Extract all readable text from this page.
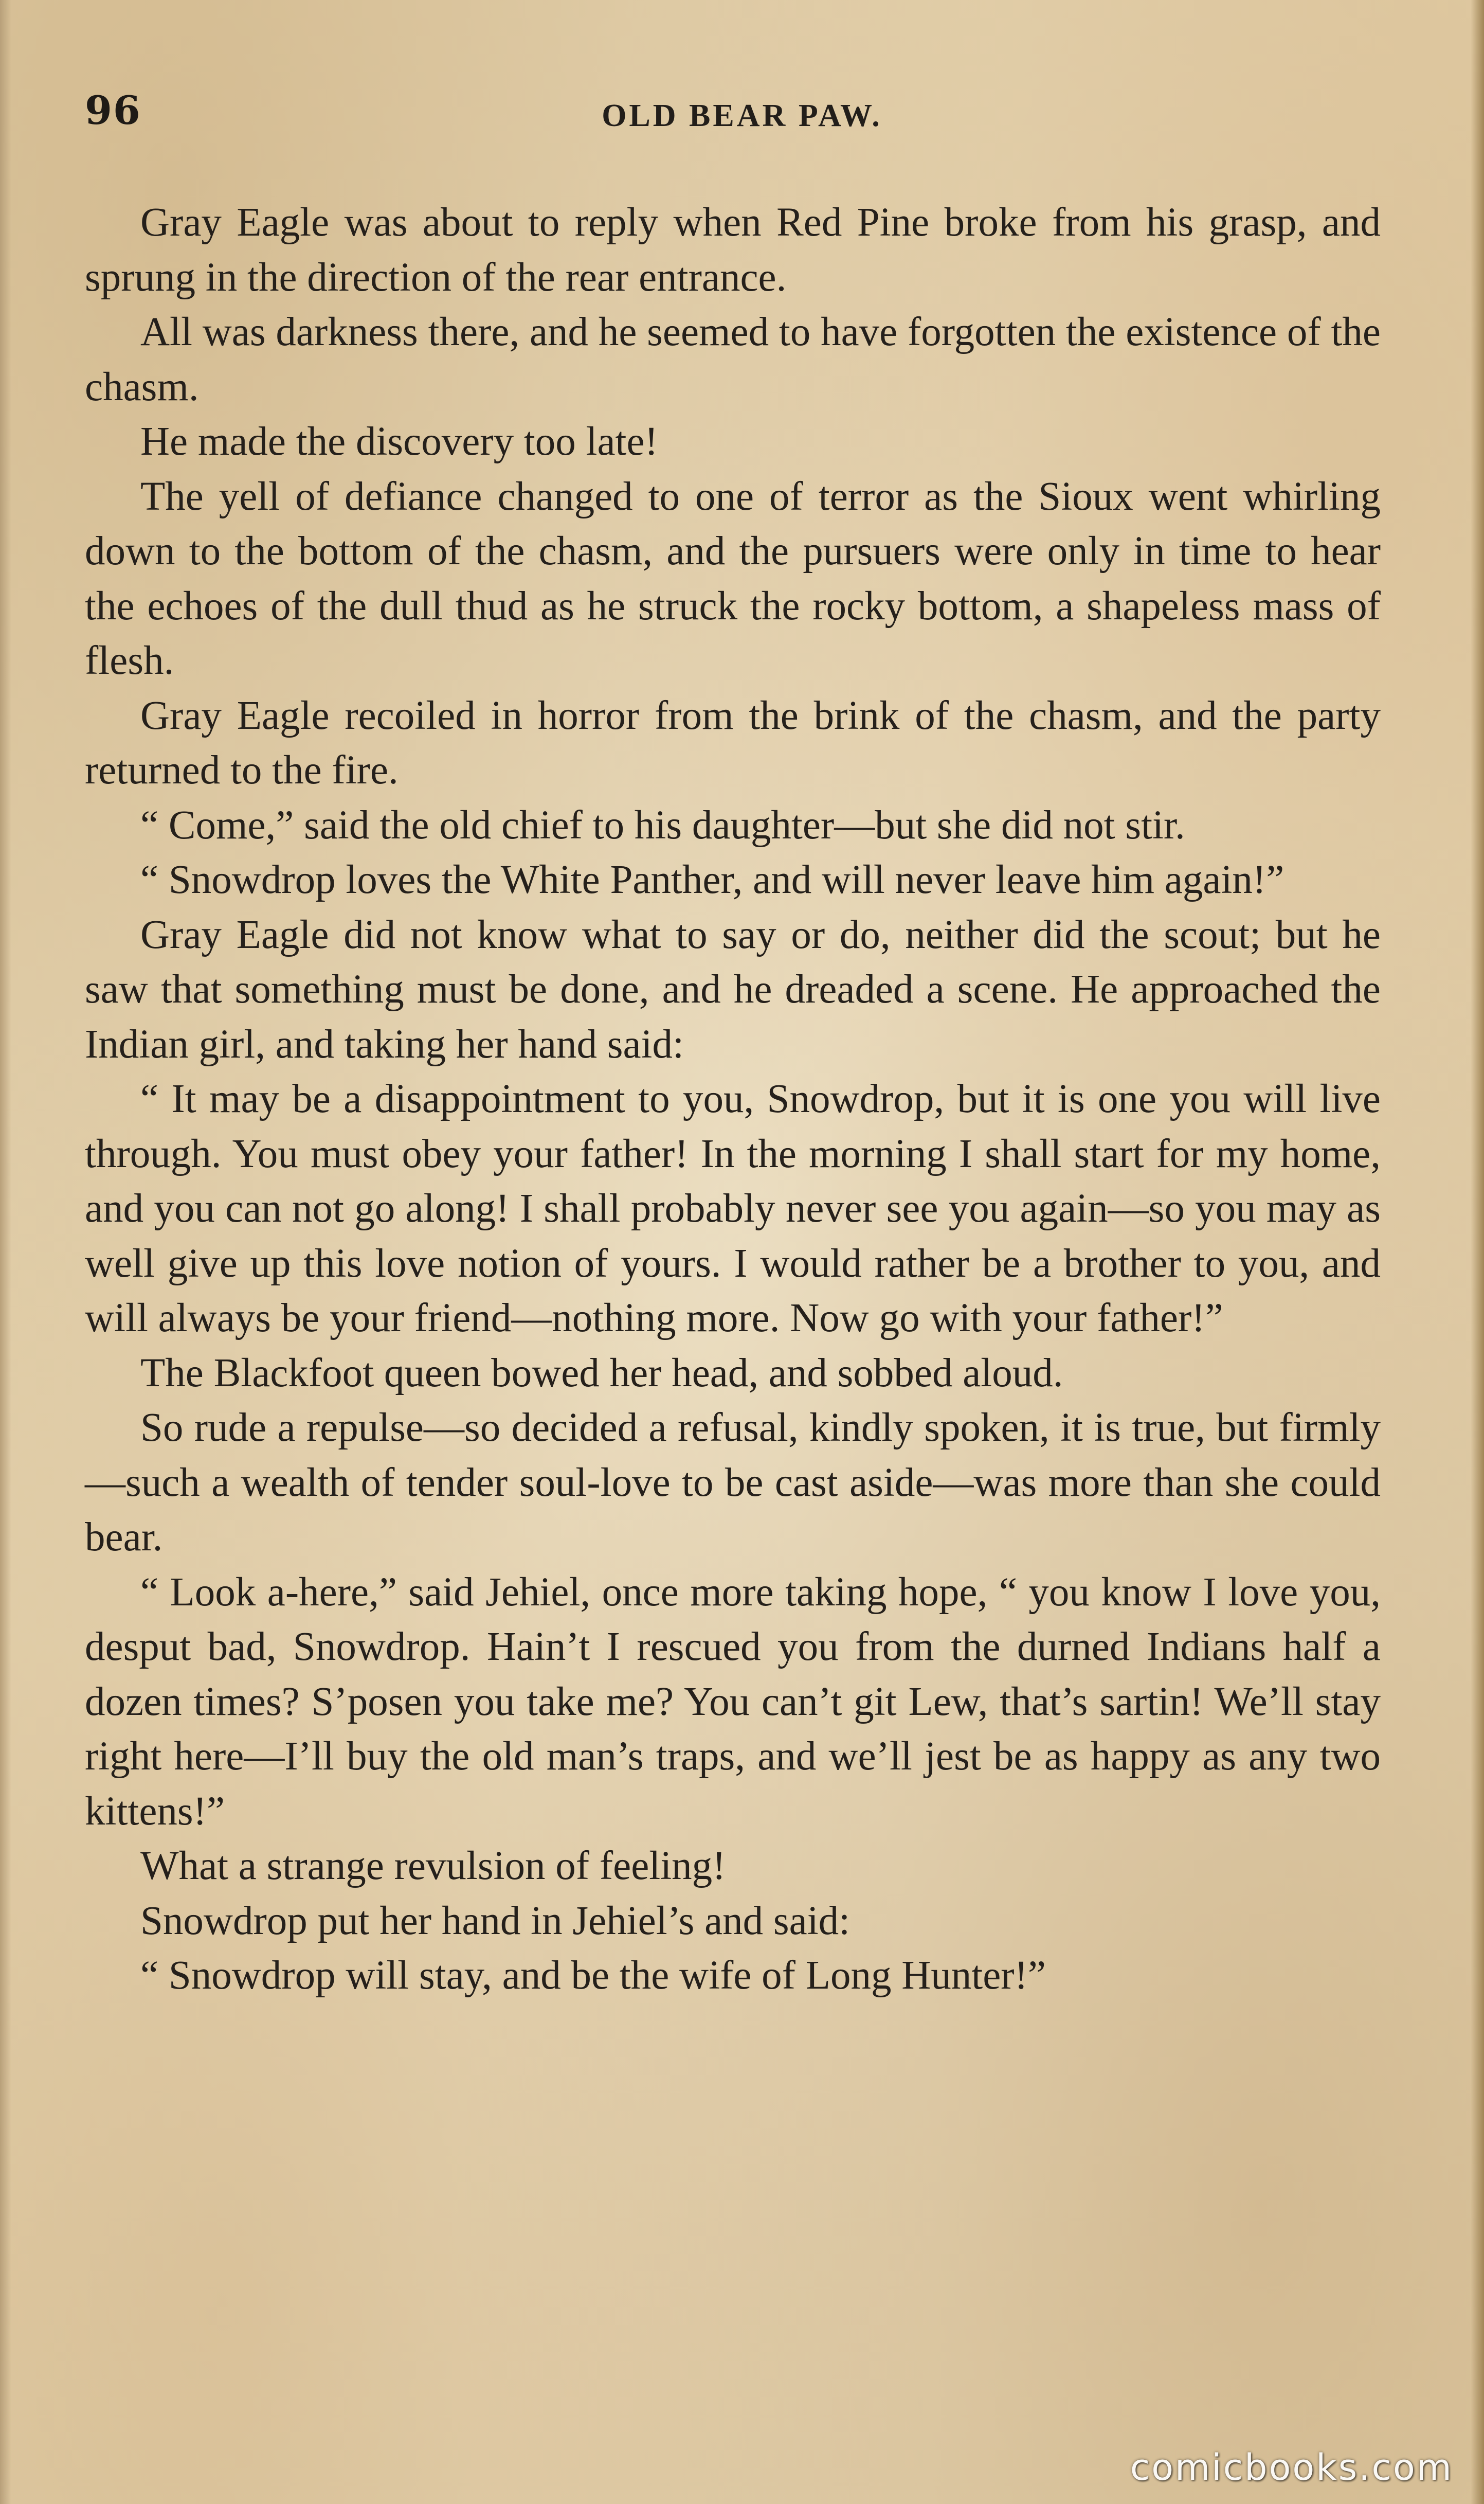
96	OLD BEAR PAW.

Gray Eagle was about to reply when Red Pine broke from his grasp, and sprung in the direction of the rear entrance.

All was darkness there, and he seemed to have forgotten the existence of the chasm.

He made the discovery too late!

The yell of defiance changed to one of terror as the Sioux went whirling down to the bottom of the chasm, and the pursuers were only in time to hear the echoes of the dull thud as he struck the rocky bottom, a shapeless mass of flesh.

Gray Eagle recoiled in horror from the brink of the chasm, and the party returned to the fire.

“ Come,” said the old chief to his daughter—but she did not stir.

“ Snowdrop loves the White Panther, and will never leave him again!”

Gray Eagle did not know what to say or do, neither did the scout; but he saw that something must be done, and he dreaded a scene. He approached the Indian girl, and taking her hand said:

“ It may be a disappointment to you, Snowdrop, but it is one you will live through. You must obey your father! In the morning I shall start for my home, and you can not go along! I shall probably never see you again—so you may as well give up this love notion of yours. I would rather be a brother to you, and will always be your friend—nothing more. Now go with your father!”

The Blackfoot queen bowed her head, and sobbed aloud.

So rude a repulse—so decided a refusal, kindly spoken, it is true, but firmly—such a wealth of tender soul-love to be cast aside—was more than she could bear.

“ Look a-here,” said Jehiel, once more taking hope, “ you know I love you, desput bad, Snowdrop. Hain’t I rescued you from the durned Indians half a dozen times? S’posen you take me? You can’t git Lew, that’s sartin! We’ll stay right here—I’ll buy the old man’s traps, and we’ll jest be as happy as any two kittens!”

What a strange revulsion of feeling!

Snowdrop put her hand in Jehiel’s and said:

“ Snowdrop will stay, and be the wife of Long Hunter!”

comicbooks.com
